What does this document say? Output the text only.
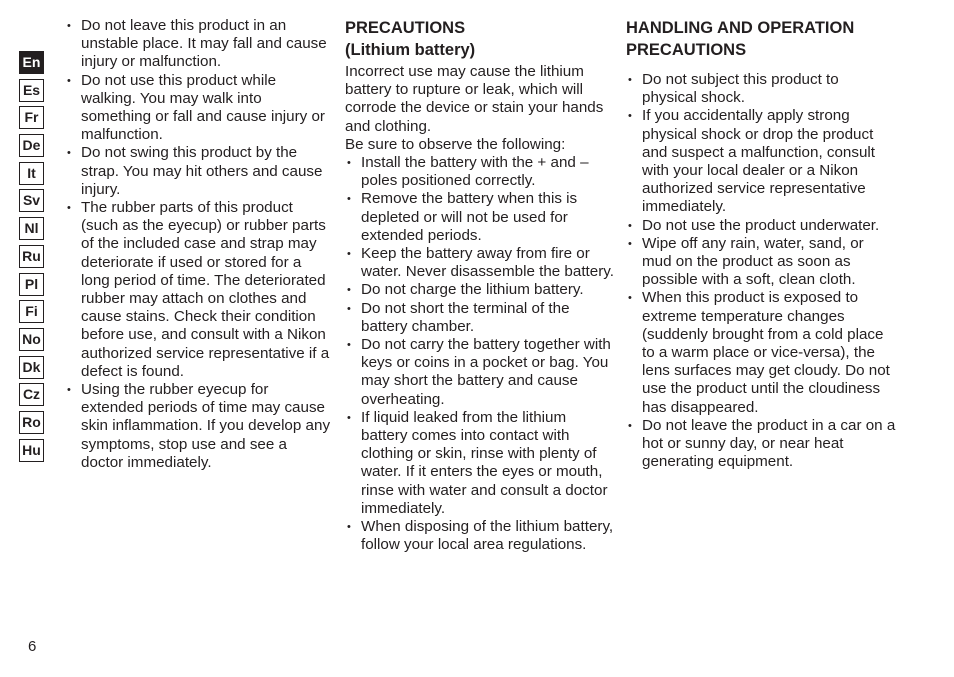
En
Es
Fr
De
It
Sv
Nl
Ru
Pl
Fi
No
Dk
Cz
Ro
Hu
• Do not leave this product in an unstable place. It may fall and cause injury or malfunction.
• Do not use this product while walking. You may walk into something or fall and cause injury or malfunction.
• Do not swing this product by the strap. You may hit others and cause injury.
• The rubber parts of this product (such as the eyecup) or rubber parts of the included case and strap may deteriorate if used or stored for a long period of time. The deteriorated rubber may attach on clothes and cause stains. Check their condition before use, and consult with a Nikon authorized service representative if a defect is found.
• Using the rubber eyecup for extended periods of time may cause skin inflammation. If you develop any symptoms, stop use and see a doctor immediately.
PRECAUTIONS
(Lithium battery)

Incorrect use may cause the lithium battery to rupture or leak, which will corrode the device or stain your hands and clothing.

Be sure to observe the following:

• Install the battery with the + and – poles positioned correctly.
• Remove the battery when this is depleted or will not be used for extended periods.
• Keep the battery away from fire or water. Never disassemble the battery.
• Do not charge the lithium battery.
• Do not short the terminal of the battery chamber.
• Do not carry the battery together with keys or coins in a pocket or bag. You may short the battery and cause overheating.
• If liquid leaked from the lithium battery comes into contact with clothing or skin, rinse with plenty of water. If it enters the eyes or mouth, rinse with water and consult a doctor immediately.
• When disposing of the lithium battery, follow your local area regulations.
HANDLING AND OPERATION
PRECAUTIONS
• Do not subject this product to physical shock.
• If you accidentally apply strong physical shock or drop the product and suspect a malfunction, consult with your local dealer or a Nikon authorized service representative immediately.
• Do not use the product underwater.
• Wipe off any rain, water, sand, or mud on the product as soon as possible with a soft, clean cloth.
• When this product is exposed to extreme temperature changes (suddenly brought from a cold place to a warm place or vice-versa), the lens surfaces may get cloudy. Do not use the product until the cloudiness has disappeared.
• Do not leave the product in a car on a hot or sunny day, or near heat generating equipment.
6
